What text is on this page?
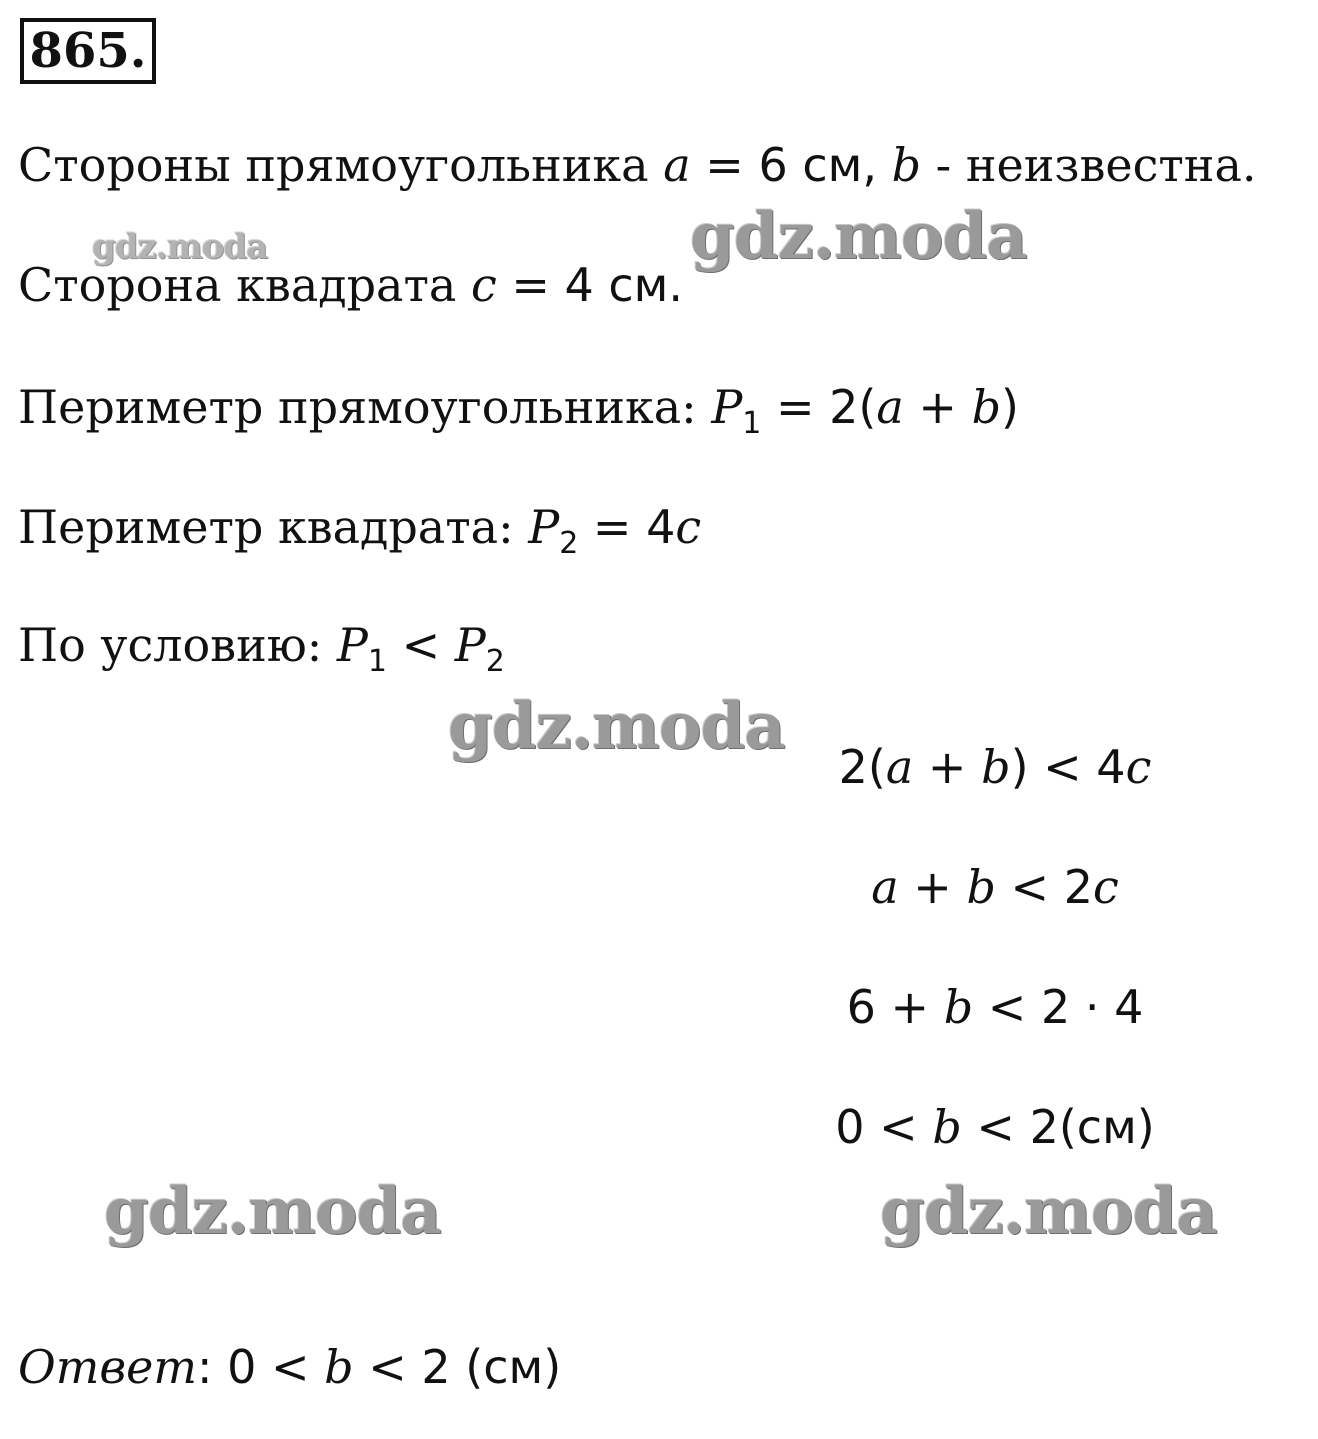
865.
Стороны прямоугольника a = 6 см, b - неизвестна.
Сторона квадрата c = 4 см.
Периметр прямоугольника: $P_1 = 2(a + b)$
Периметр квадрата: $P_2 = 4c$
По условию: $P_1 < P_2$
2(a + b) < 4c
a + b < 2c
6 + b < 2 · 4
0 < b < 2(см)
Ответ: 0 < b < 2 (см)
gdz.moda	gdz.moda
gdz.moda
gdz.moda	gdz.moda
